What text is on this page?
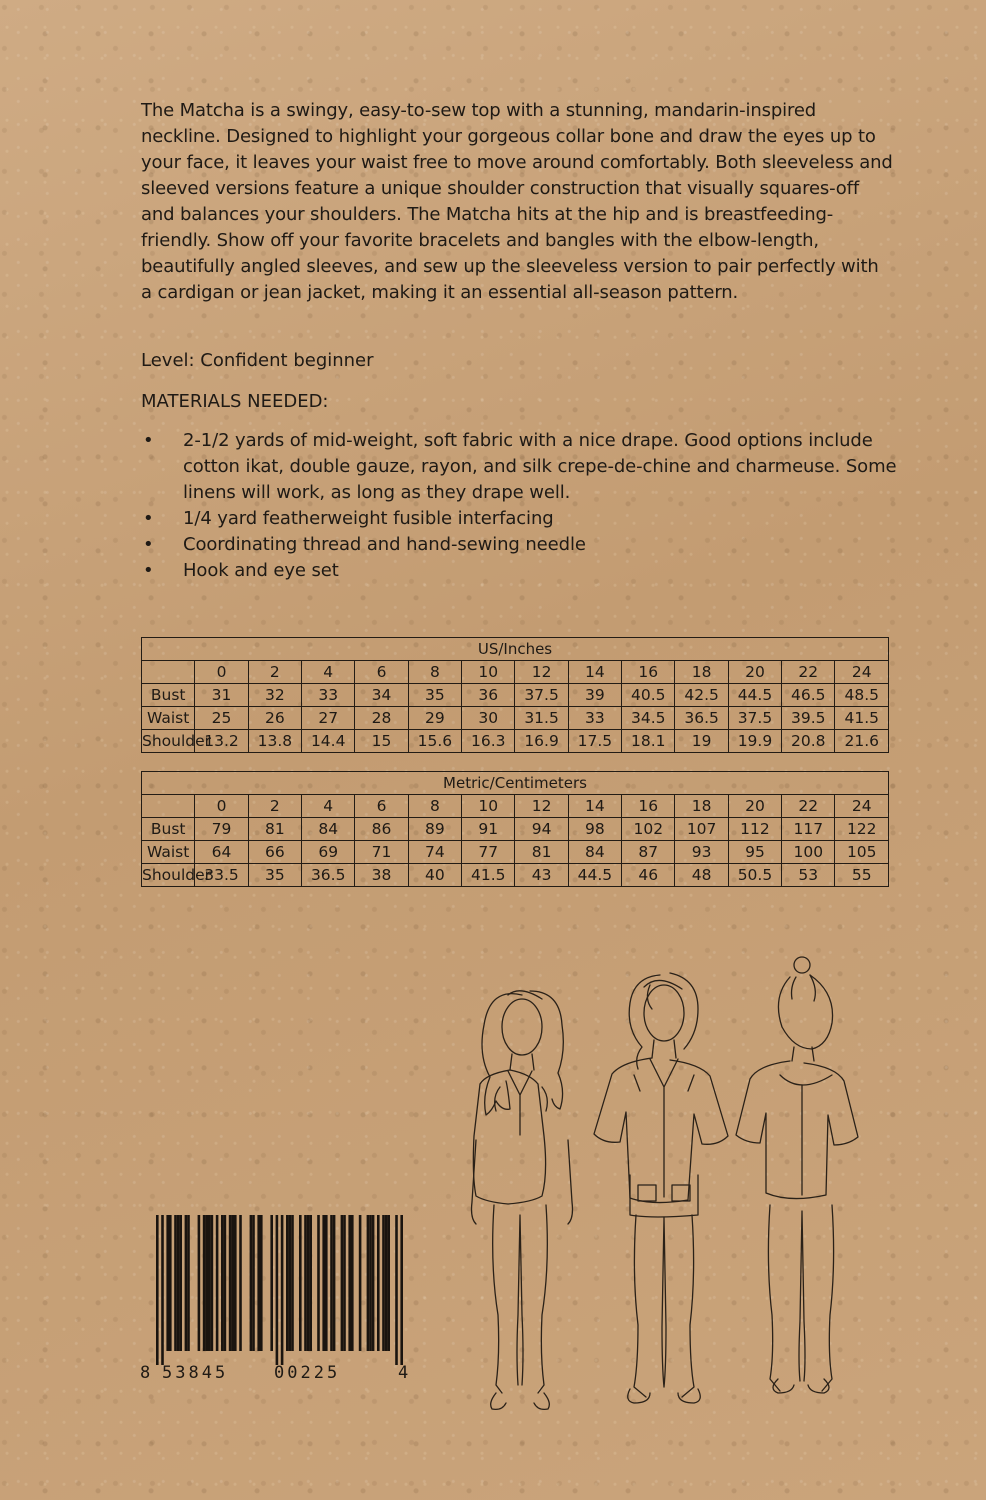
The Matcha is a swingy, easy-to-sew top with a stunning, mandarin-inspired neckline. Designed to highlight your gorgeous collar bone and draw the eyes up to your face, it leaves your waist free to move around comfortably. Both sleeveless and sleeved versions feature a unique shoulder construction that visually squares-off and balances your shoulders. The Matcha hits at the hip and is breastfeeding-friendly. Show off your favorite bracelets and bangles with the elbow-length, beautifully angled sleeves, and sew up the sleeveless version to pair perfectly with a cardigan or jean jacket, making it an essential all-season pattern.

Level: Confident beginner

MATERIALS NEEDED:

• 2-1/2 yards of mid-weight, soft fabric with a nice drape. Good options include cotton ikat, double gauze, rayon, and silk crepe-de-chine and charmeuse. Some linens will work, as long as they drape well.
• 1/4 yard featherweight fusible interfacing
• Coordinating thread and hand-sewing needle
• Hook and eye set
US/Inches													
	0	2	4	6	8	10	12	14	16	18	20	22	24
Bust	31	32	33	34	35	36	37.5	39	40.5	42.5	44.5	46.5	48.5
Waist	25	26	27	28	29	30	31.5	33	34.5	36.5	37.5	39.5	41.5
Shoulder	13.2	13.8	14.4	15	15.6	16.3	16.9	17.5	18.1	19	19.9	20.8	21.6
Metric/Centimeters													
	0	2	4	6	8	10	12	14	16	18	20	22	24
Bust	79	81	84	86	89	91	94	98	102	107	112	117	122
Waist	64	66	69	71	74	77	81	84	87	93	95	100	105
Shoulder	33.5	35	36.5	38	40	41.5	43	44.5	46	48	50.5	53	55
8 53845	00225	4
